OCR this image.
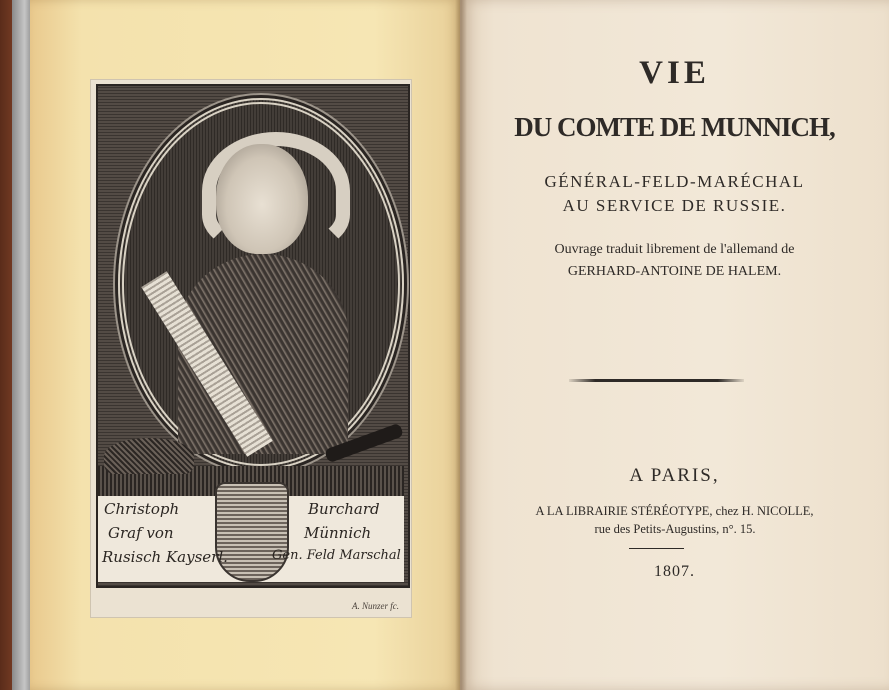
Christoph
Graf von
Rusisch Kayserl.
Burchard
Münnich
Gen. Feld Marschal
A. Nunzer fc.
VIE
DU COMTE DE MUNNICH,
GÉNÉRAL-FELD-MARÉCHAL
AU SERVICE DE RUSSIE.
Ouvrage traduit librement de l'allemand de
GERHARD-ANTOINE DE HALEM.
A PARIS,
A LA LIBRAIRIE STÉRÉOTYPE, chez H. NICOLLE,
rue des Petits-Augustins, n°. 15.
1807.
